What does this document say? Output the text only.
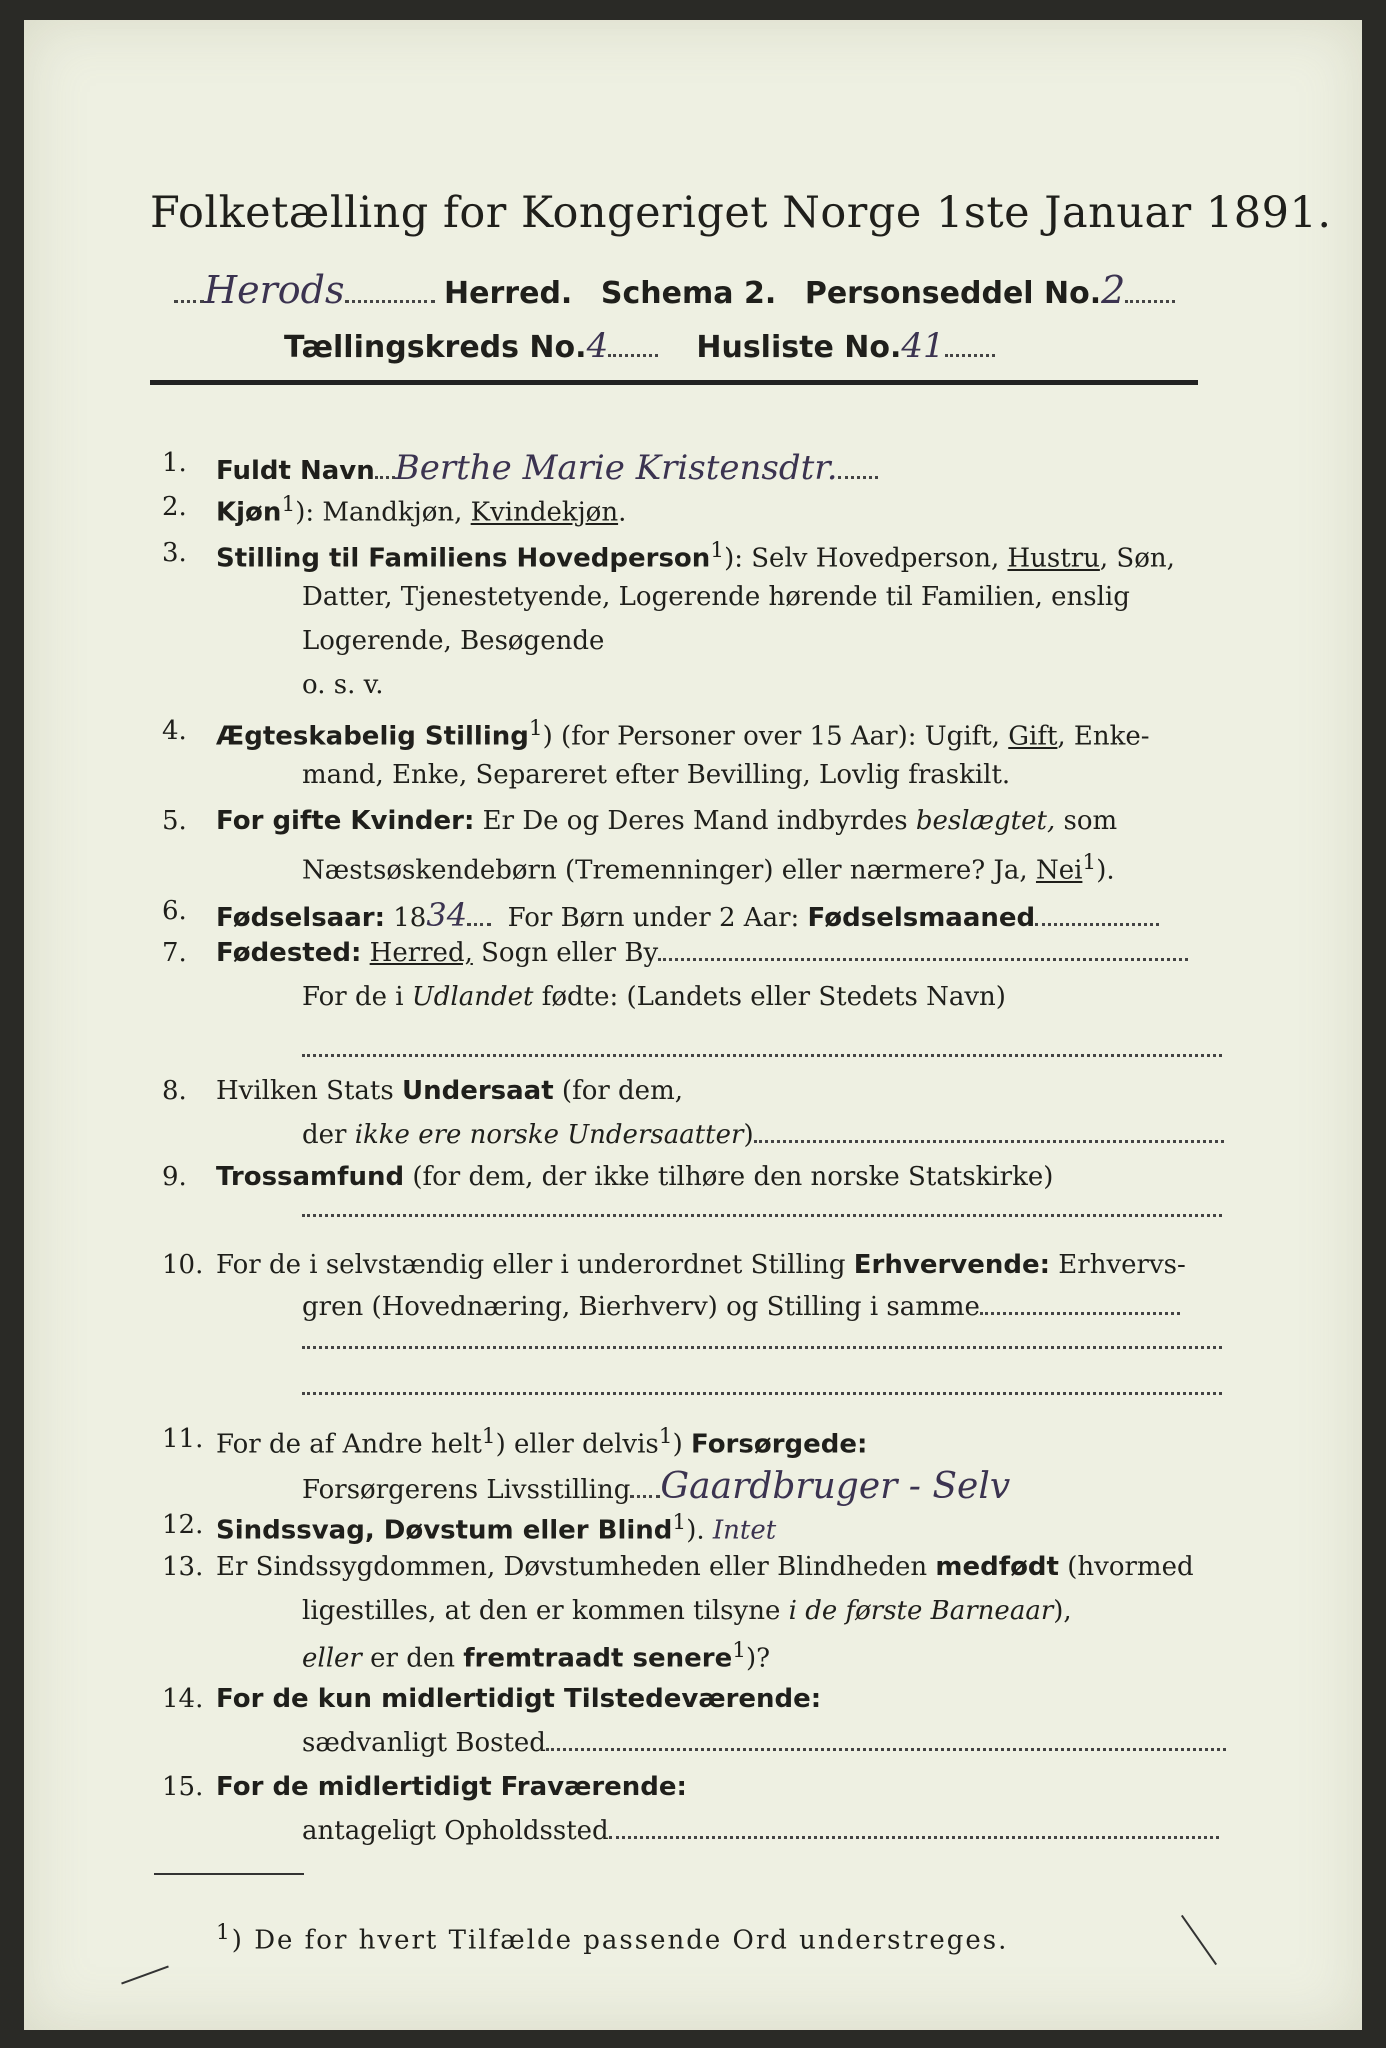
Folketælling for Kongeriget Norge 1ste Januar 1891.
Herods	Herred. Schema 2. Personseddel No.2
Tællingskreds No.4	Husliste No.41
1. Fuldt Navn Berthe Marie Kristensdtr.
2. Kjøn$^1$): Mandkjøn, Kvindekjøn.
3. Stilling til Familiens Hovedperson$^1$): Selv Hovedperson, Hustru, Søn,
Datter, Tjenestetyende, Logerende hørende til Familien, enslig
Logerende, Besøgende
o. s. v.
4. Ægteskabelig Stilling$^1$) (for Personer over 15 Aar): Ugift, Gift, Enke-
mand, Enke, Separeret efter Bevilling, Lovlig fraskilt.
5. For gifte Kvinder: Er De og Deres Mand indbyrdes beslægtet, som
Næstsøskendebørn (Tremenninger) eller nærmere? Ja, Nei$^1$).
6. Fødselsaar: 1834 For Børn under 2 Aar: Fødselsmaaned
7. Fødested: Herred, Sogn eller By
For de i Udlandet fødte: (Landets eller Stedets Navn)
8. Hvilken Stats Undersaat (for dem,
der ikke ere norske Undersaatter)
9. Trossamfund (for dem, der ikke tilhøre den norske Statskirke)
10. For de i selvstændig eller i underordnet Stilling Erhvervende: Erhvervs-
gren (Hovednæring, Bierhverv) og Stilling i samme
11. For de af Andre helt$^1$) eller delvis$^1$) Forsørgede:
Forsørgerens Livsstilling Gaardbruger - Selv
12. Sindssvag, Døvstum eller Blind$^1$). Intet
13. Er Sindssygdommen, Døvstumheden eller Blindheden medfødt (hvormed
ligestilles, at den er kommen tilsyne i de første Barneaar),
eller er den fremtraadt senere$^1$)?
14. For de kun midlertidigt Tilstedeværende:
sædvanligt Bosted
15. For de midlertidigt Fraværende:
antageligt Opholdssted
$^1$) De for hvert Tilfælde passende Ord understreges.
